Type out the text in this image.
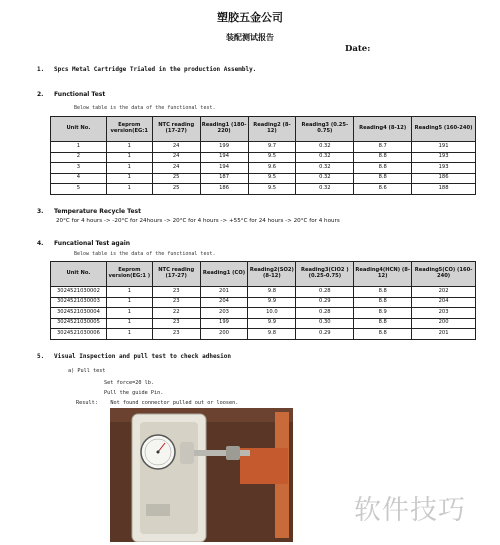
塑胶五金公司
装配测试报告
Date:
1. Spcs Metal Cartridge Trialed in the production Assembly.
2. Functional Test
Below table is the data of the functional test.
Unit No.	Eeprom version(EG:1	NTC reading (17-27)	Reading1 (180-220)	Reading2 (8-12)	Reading3 (0.25-0.75)	Reading4 (8-12)	Reading5 (160-240)
1	1	24	199	9.7	0.32	8.7	191
2	1	24	194	9.5	0.32	8.8	193
3	1	24	194	9.6	0.32	8.8	193
4	1	25	187	9.5	0.32	8.8	186
5	1	25	186	9.5	0.32	8.6	188
3. Temperature Recycle Test
20°C for 4 hours -> -20°C for 24hours -> 20°C for 4 hours -> +55°C for 24 hours -> 20°C for 4 hours
4. Funcational Test again
Below table is the data of the functional test.
Unit No.	Eeprom version(EG:1 )	NTC reading (17-27)	Reading1 (CO)	Reading2(SO2) (8-12)	Reading3(ClO2 ) (0.25-0.75)	Reading4(HCN) (8-12)	Reading5(CO) (160-240)
3024521030002	1	23	201	9.8	0.28	8.8	202
3024521030003	1	23	204	9.9	0.29	8.8	204
3024521030004	1	22	203	10.0	0.28	8.9	203
3024521030005	1	23	199	9.9	0.30	8.8	200
3024521030006	1	23	200	9.8	0.29	8.8	201
5. Visual Inspection and pull test to check adhesion
a) Pull test
Set force=20 lb.
Pull the guide Pin.
Result: Not found connector pulled out or loosen.
软件技巧
